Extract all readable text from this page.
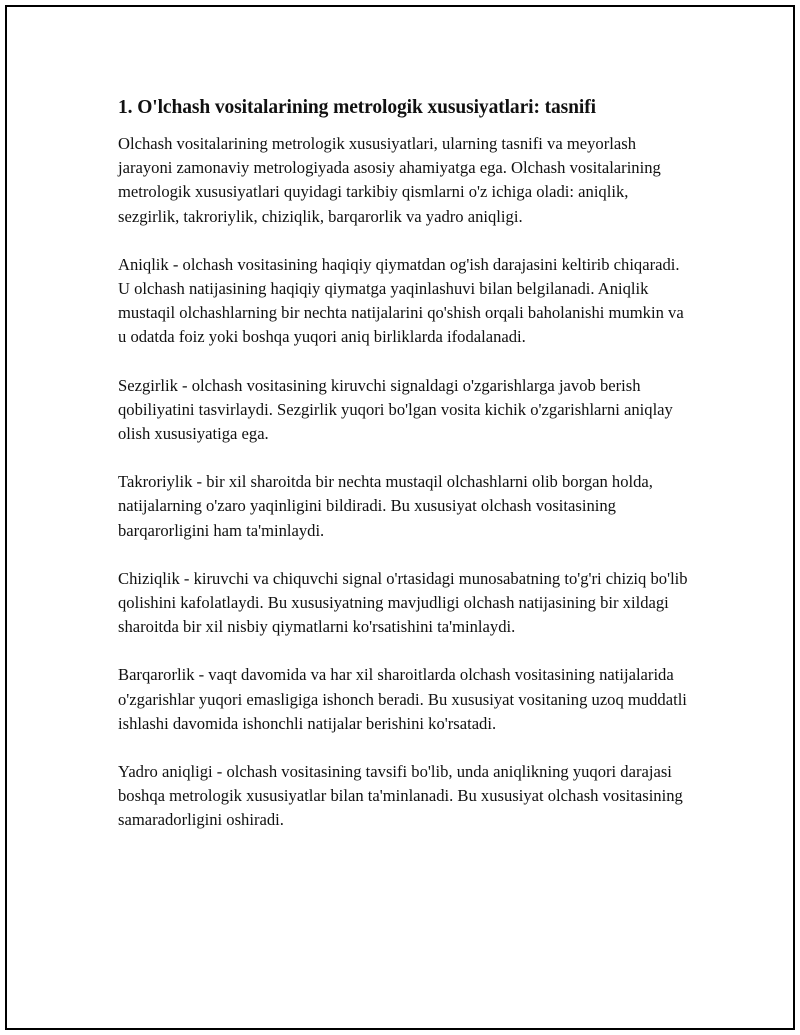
1. O'lchash vositalarining metrologik xususiyatlari: tasnifi

Olchash vositalarining metrologik xususiyatlari, ularning tasnifi va meyorlash jarayoni zamonaviy metrologiyada asosiy ahamiyatga ega. Olchash vositalarining metrologik xususiyatlari quyidagi tarkibiy qismlarni o'z ichiga oladi: aniqlik, sezgirlik, takroriylik, chiziqlik, barqarorlik va yadro aniqligi.

Aniqlik - olchash vositasining haqiqiy qiymatdan og'ish darajasini keltirib chiqaradi. U olchash natijasining haqiqiy qiymatga yaqinlashuvi bilan belgilanadi. Aniqlik mustaqil olchashlarning bir nechta natijalarini qo'shish orqali baholanishi mumkin va u odatda foiz yoki boshqa yuqori aniq birliklarda ifodalanadi.

Sezgirlik - olchash vositasining kiruvchi signaldagi o'zgarishlarga javob berish qobiliyatini tasvirlaydi. Sezgirlik yuqori bo'lgan vosita kichik o'zgarishlarni aniqlay olish xususiyatiga ega.

Takroriylik - bir xil sharoitda bir nechta mustaqil olchashlarni olib borgan holda, natijalarning o'zaro yaqinligini bildiradi. Bu xususiyat olchash vositasining barqarorligini ham ta'minlaydi.

Chiziqlik - kiruvchi va chiquvchi signal o'rtasidagi munosabatning to'g'ri chiziq bo'lib qolishini kafolatlaydi. Bu xususiyatning mavjudligi olchash natijasining bir xildagi sharoitda bir xil nisbiy qiymatlarni ko'rsatishini ta'minlaydi.

Barqarorlik - vaqt davomida va har xil sharoitlarda olchash vositasining natijalarida o'zgarishlar yuqori emasligiga ishonch beradi. Bu xususiyat vositaning uzoq muddatli ishlashi davomida ishonchli natijalar berishini ko'rsatadi.

Yadro aniqligi - olchash vositasining tavsifi bo'lib, unda aniqlikning yuqori darajasi boshqa metrologik xususiyatlar bilan ta'minlanadi. Bu xususiyat olchash vositasining samaradorligini oshiradi.
